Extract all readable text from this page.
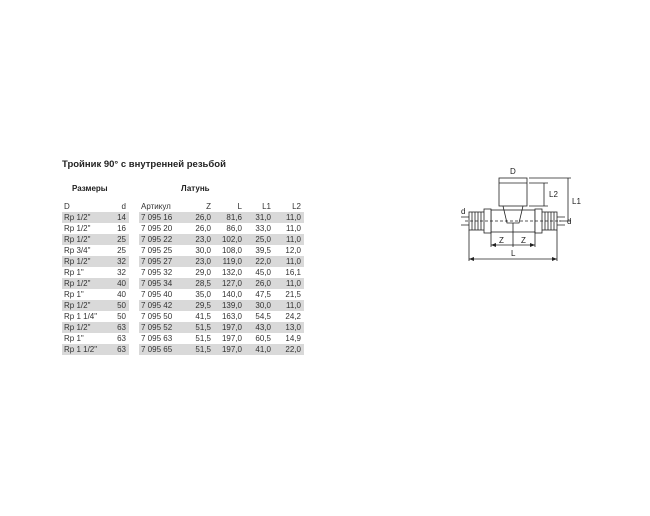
Тройник 90° с внутренней резьбой
Размеры	Латунь
D	d		Артикул	Z	L	L1	L2
Rp 1/2"	14		7 095 16	26,0	81,6	31,0	11,0
Rp 1/2"	16		7 095 20	26,0	86,0	33,0	11,0
Rp 1/2"	25		7 095 22	23,0	102,0	25,0	11,0
Rp 3/4"	25		7 095 25	30,0	108,0	39,5	12,0
Rp 1/2"	32		7 095 27	23,0	119,0	22,0	11,0
Rp 1"	32		7 095 32	29,0	132,0	45,0	16,1
Rp 1/2"	40		7 095 34	28,5	127,0	26,0	11,0
Rp 1"	40		7 095 40	35,0	140,0	47,5	21,5
Rp 1/2"	50		7 095 42	29,5	139,0	30,0	11,0
Rp 1 1/4"	50		7 095 50	41,5	163,0	54,5	24,2
Rp 1/2"	63		7 095 52	51,5	197,0	43,0	13,0
Rp 1"	63		7 095 63	51,5	197,0	60,5	14,9
Rp 1 1/2"	63		7 095 65	51,5	197,0	41,0	22,0
D
L2
L1
d
d
Z Z
L
